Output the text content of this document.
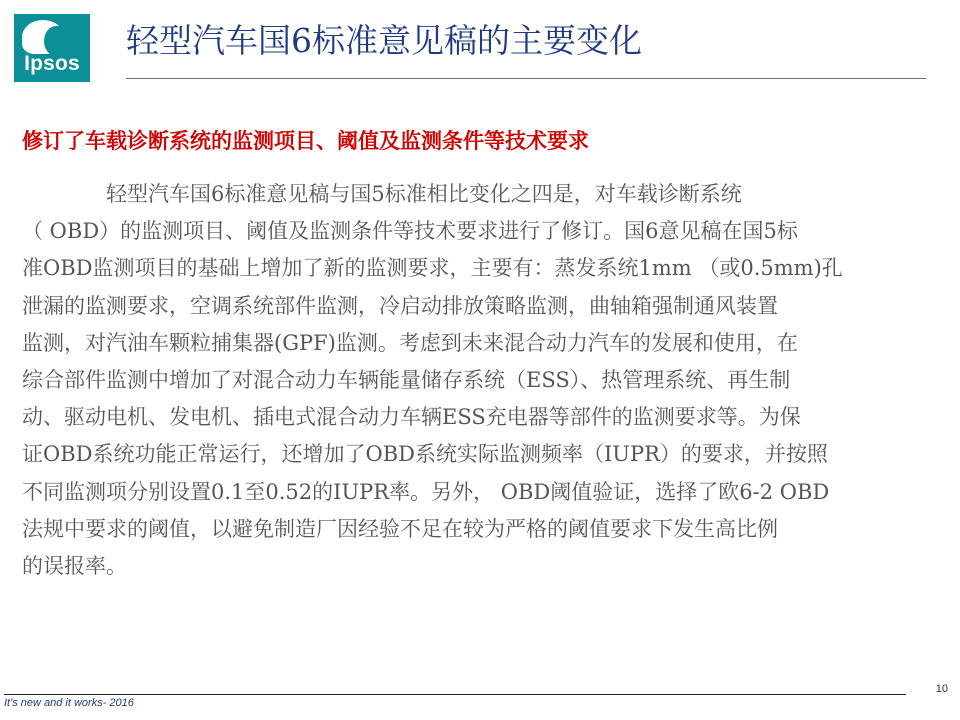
Ipsos
轻型汽车国6标准意见稿的主要变化
修订了车载诊断系统的监测项目、阈值及监测条件等技术要求
　　　　轻型汽车国6标准意见稿与国5标准相比变化之四是，对车载诊断系统
（ OBD）的监测项目、阈值及监测条件等技术要求进行了修订。国6意见稿在国5标
准OBD监测项目的基础上增加了新的监测要求，主要有：蒸发系统1mm （或0.5mm)孔
泄漏的监测要求，空调系统部件监测，冷启动排放策略监测，曲轴箱强制通风装置
监测，对汽油车颗粒捕集器(GPF)监测。考虑到未来混合动力汽车的发展和使用，在
综合部件监测中增加了对混合动力车辆能量储存系统（ESS）、热管理系统、再生制
动、驱动电机、发电机、插电式混合动力车辆ESS充电器等部件的监测要求等。为保
证OBD系统功能正常运行，还增加了OBD系统实际监测频率（IUPR）的要求，并按照
不同监测项分别设置0.1至0.52的IUPR率。另外， OBD阈值验证，选择了欧6-2 OBD
法规中要求的阈值，以避免制造厂因经验不足在较为严格的阈值要求下发生高比例
的误报率。
10
It's new and it works- 2016
